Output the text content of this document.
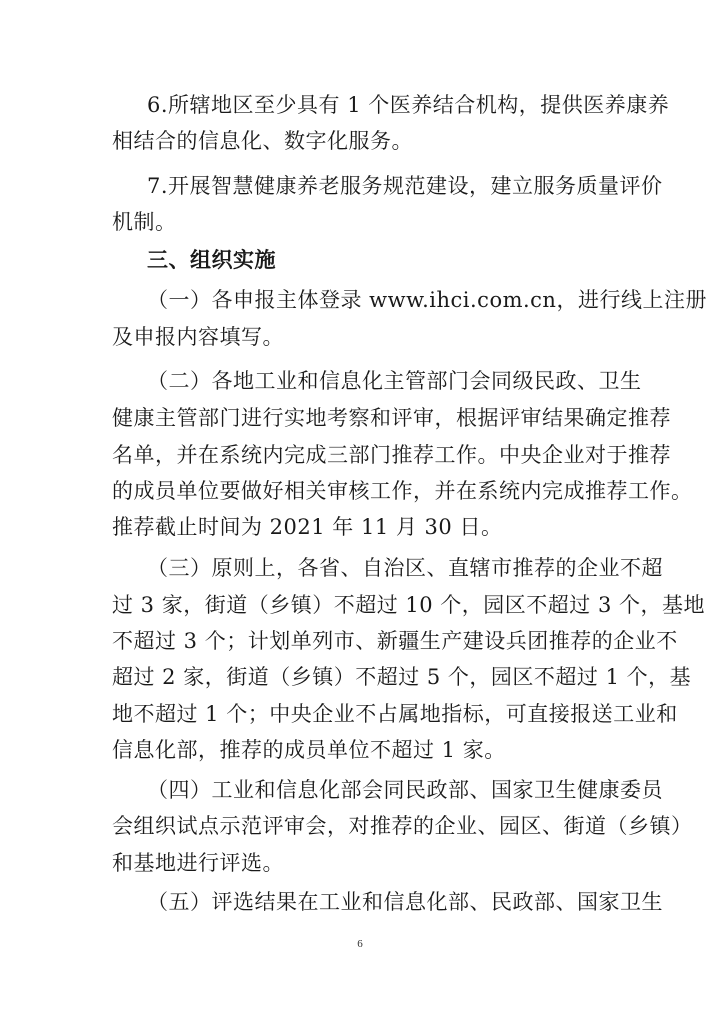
6.所辖地区至少具有 1 个医养结合机构，提供医养康养
相结合的信息化、数字化服务。
7.开展智慧健康养老服务规范建设，建立服务质量评价
机制。
三、组织实施
（一）各申报主体登录 www.ihci.com.cn，进行线上注册
及申报内容填写。
（二）各地工业和信息化主管部门会同级民政、卫生
健康主管部门进行实地考察和评审，根据评审结果确定推荐
名单，并在系统内完成三部门推荐工作。中央企业对于推荐
的成员单位要做好相关审核工作，并在系统内完成推荐工作。
推荐截止时间为 2021 年 11 月 30 日。
（三）原则上，各省、自治区、直辖市推荐的企业不超
过 3 家，街道（乡镇）不超过 10 个，园区不超过 3 个，基地
不超过 3 个；计划单列市、新疆生产建设兵团推荐的企业不
超过 2 家，街道（乡镇）不超过 5 个，园区不超过 1 个，基
地不超过 1 个；中央企业不占属地指标，可直接报送工业和
信息化部，推荐的成员单位不超过 1 家。
（四）工业和信息化部会同民政部、国家卫生健康委员
会组织试点示范评审会，对推荐的企业、园区、街道（乡镇）
和基地进行评选。
（五）评选结果在工业和信息化部、民政部、国家卫生
6
